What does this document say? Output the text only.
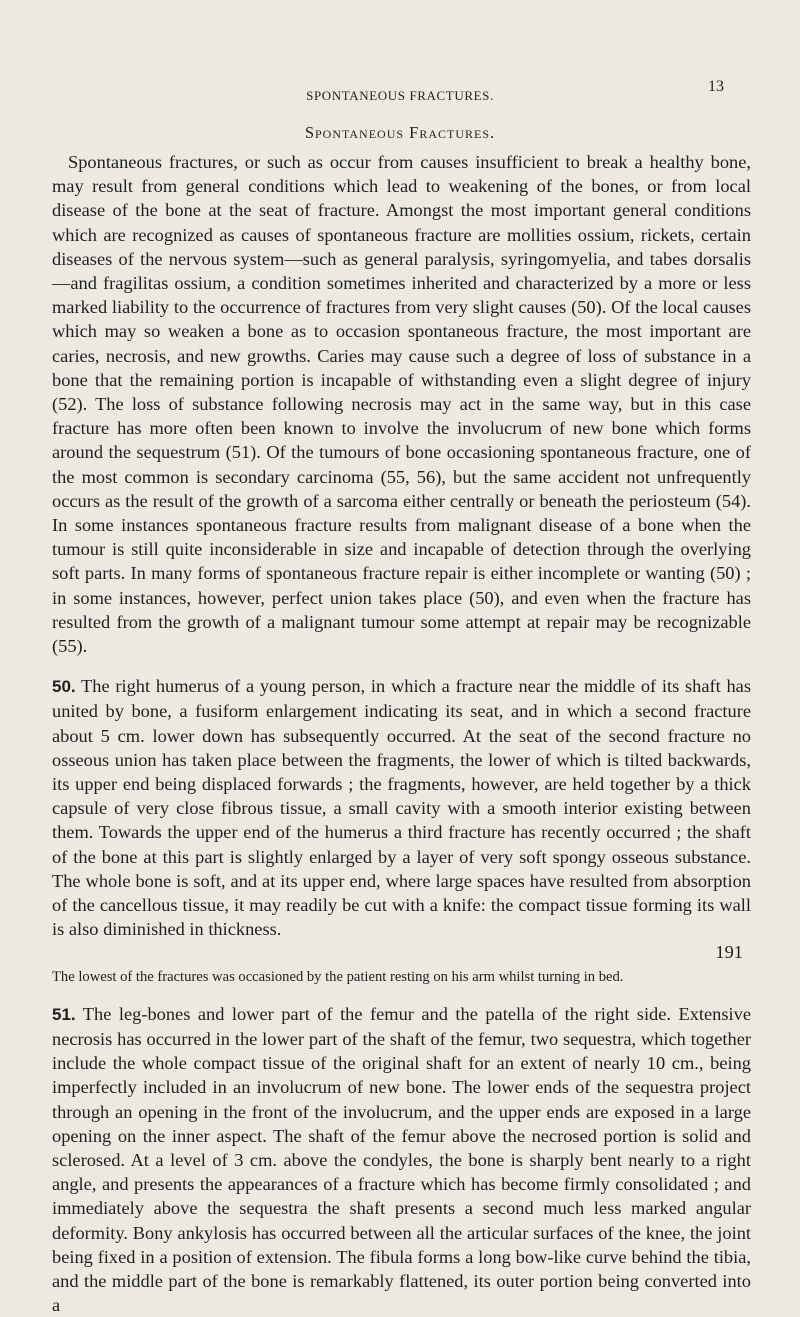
SPONTANEOUS FRACTURES.
13
Spontaneous Fractures.

Spontaneous fractures, or such as occur from causes insufficient to break a healthy bone, may result from general conditions which lead to weakening of the bones, or from local disease of the bone at the seat of fracture. Amongst the most important general conditions which are recognized as causes of spontaneous fracture are mollities ossium, rickets, certain diseases of the nervous system—such as general paralysis, syringomyelia, and tabes dorsalis—and fragilitas ossium, a condition sometimes inherited and characterized by a more or less marked liability to the occurrence of fractures from very slight causes (50). Of the local causes which may so weaken a bone as to occasion spontaneous fracture, the most important are caries, necrosis, and new growths. Caries may cause such a degree of loss of substance in a bone that the remaining portion is incapable of withstanding even a slight degree of injury (52). The loss of substance following necrosis may act in the same way, but in this case fracture has more often been known to involve the involucrum of new bone which forms around the sequestrum (51). Of the tumours of bone occasioning spontaneous fracture, one of the most common is secondary carcinoma (55, 56), but the same accident not unfrequently occurs as the result of the growth of a sarcoma either centrally or beneath the periosteum (54). In some instances spontaneous fracture results from malignant disease of a bone when the tumour is still quite inconsiderable in size and incapable of detection through the overlying soft parts. In many forms of spontaneous fracture repair is either incomplete or wanting (50) ; in some instances, however, perfect union takes place (50), and even when the fracture has resulted from the growth of a malignant tumour some attempt at repair may be recognizable (55).

50. The right humerus of a young person, in which a fracture near the middle of its shaft has united by bone, a fusiform enlargement indicating its seat, and in which a second fracture about 5 cm. lower down has subsequently occurred. At the seat of the second fracture no osseous union has taken place between the fragments, the lower of which is tilted backwards, its upper end being displaced forwards ; the fragments, however, are held together by a thick capsule of very close fibrous tissue, a small cavity with a smooth interior existing between them. Towards the upper end of the humerus a third fracture has recently occurred ; the shaft of the bone at this part is slightly enlarged by a layer of very soft spongy osseous substance. The whole bone is soft, and at its upper end, where large spaces have resulted from absorption of the cancellous tissue, it may readily be cut with a knife: the compact tissue forming its wall is also diminished in thickness.

191

The lowest of the fractures was occasioned by the patient resting on his arm whilst turning in bed.

51. The leg-bones and lower part of the femur and the patella of the right side. Extensive necrosis has occurred in the lower part of the shaft of the femur, two sequestra, which together include the whole compact tissue of the original shaft for an extent of nearly 10 cm., being imperfectly included in an involucrum of new bone. The lower ends of the sequestra project through an opening in the front of the involucrum, and the upper ends are exposed in a large opening on the inner aspect. The shaft of the femur above the necrosed portion is solid and sclerosed. At a level of 3 cm. above the condyles, the bone is sharply bent nearly to a right angle, and presents the appearances of a fracture which has become firmly consolidated ; and immediately above the sequestra the shaft presents a second much less marked angular deformity. Bony ankylosis has occurred between all the articular surfaces of the knee, the joint being fixed in a position of extension. The fibula forms a long bow-like curve behind the tibia, and the middle part of the bone is remarkably flattened, its outer portion being converted into a
